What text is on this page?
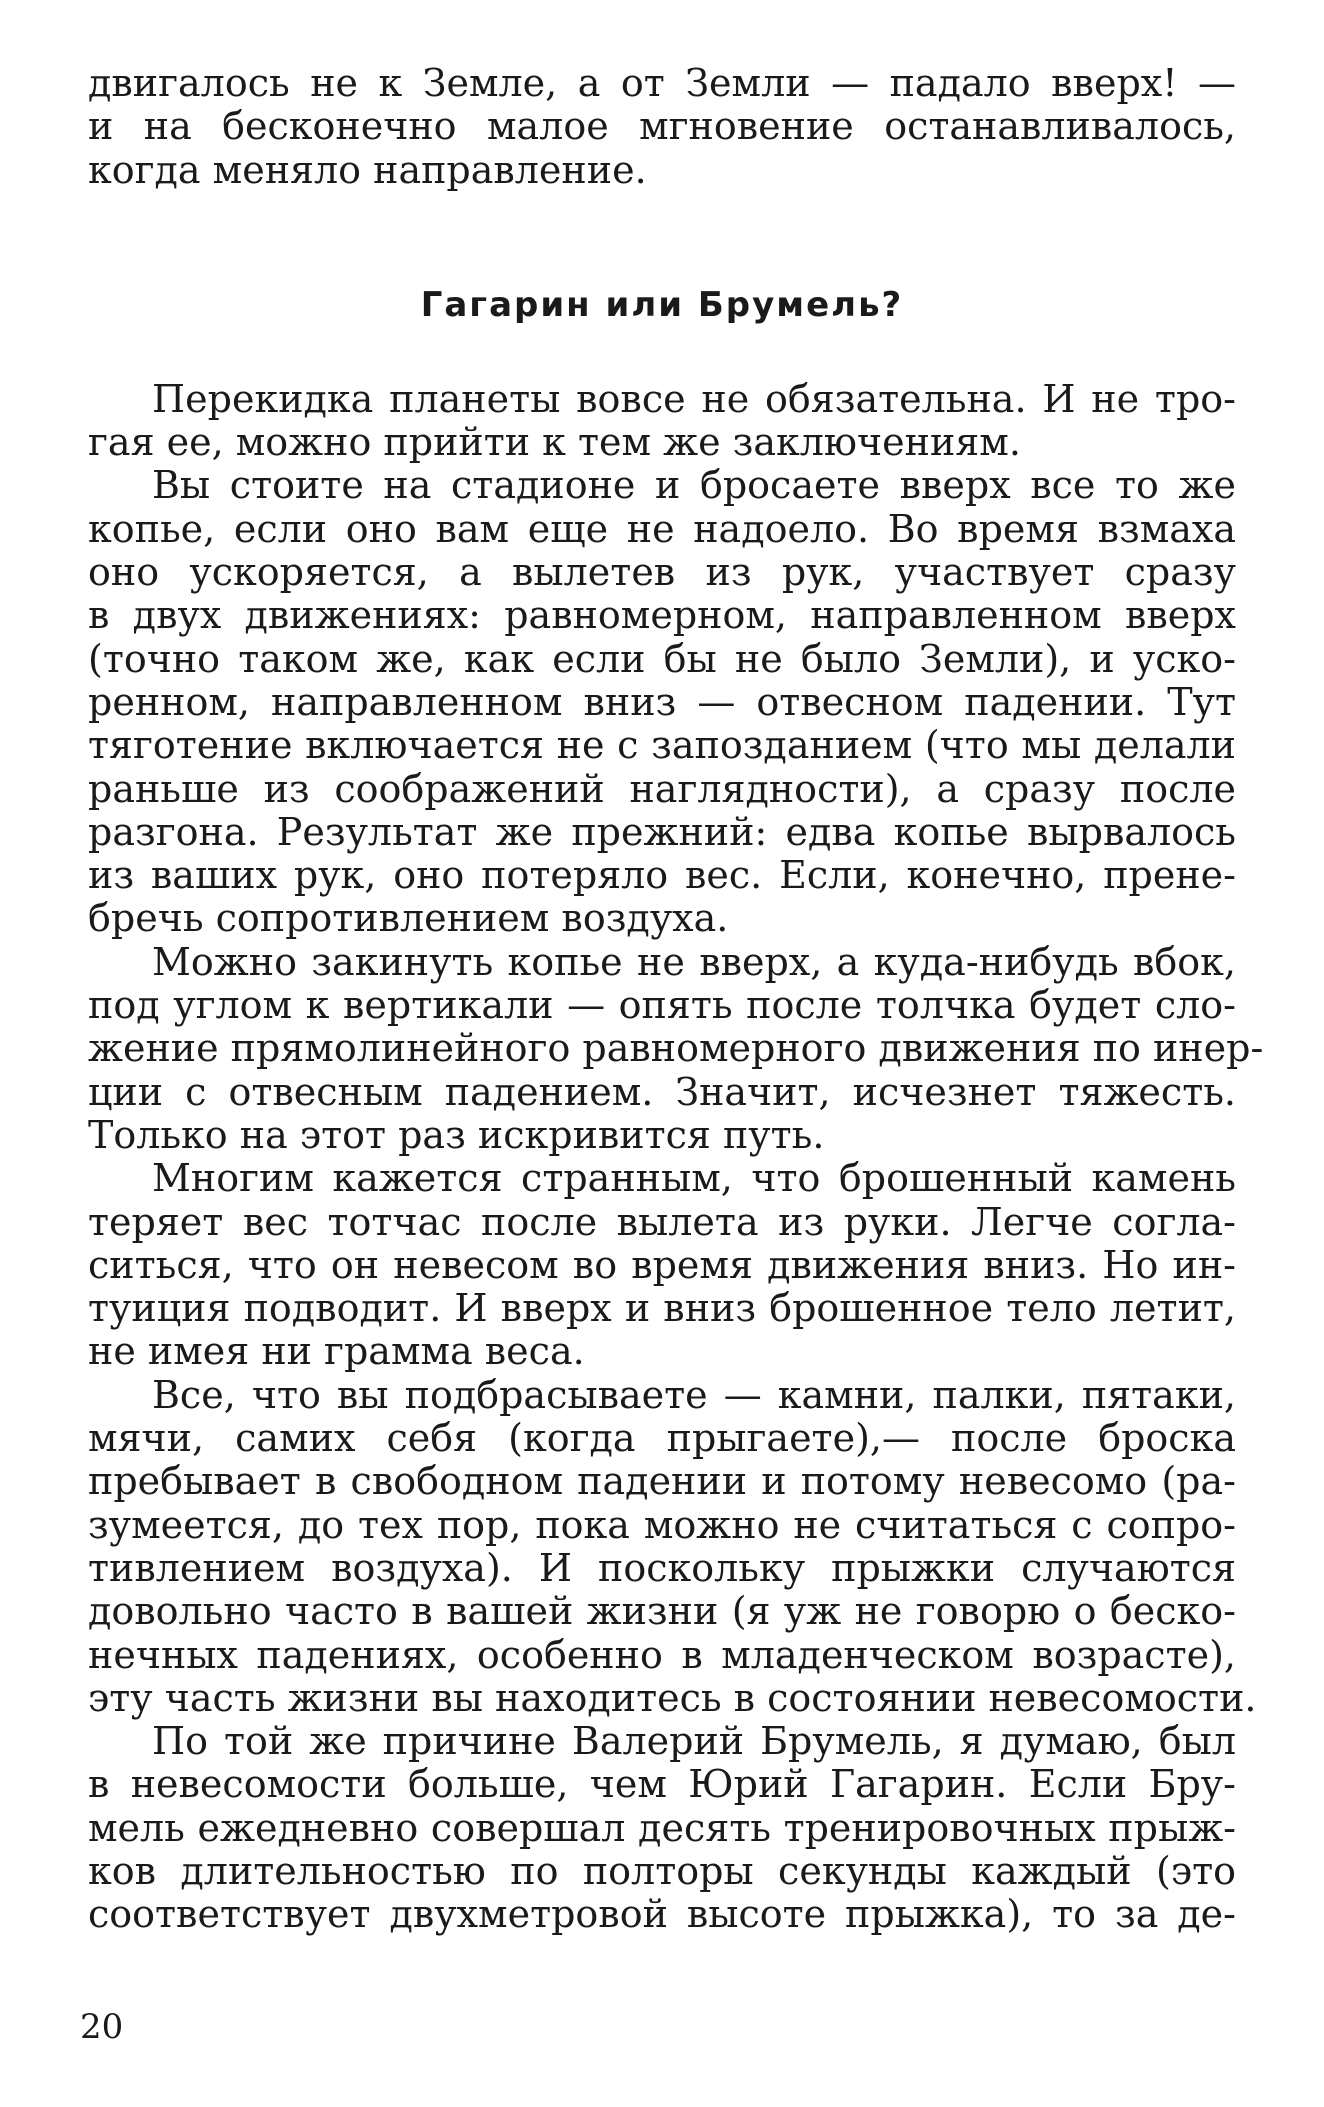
двигалось не к Земле, а от Земли — падало вверх! —
и на бесконечно малое мгновение останавливалось,
когда меняло направление.
Гагарин или Брумель?
Перекидка планеты вовсе не обязательна. И не тро-
гая ее, можно прийти к тем же заключениям.
Вы стоите на стадионе и бросаете вверх все то же
копье, если оно вам еще не надоело. Во время взмаха
оно ускоряется, а вылетев из рук, участвует сразу
в двух движениях: равномерном, направленном вверх
(точно таком же, как если бы не было Земли), и уско-
ренном, направленном вниз — отвесном падении. Тут
тяготение включается не с запозданием (что мы делали
раньше из соображений наглядности), а сразу после
разгона. Результат же прежний: едва копье вырвалось
из ваших рук, оно потеряло вес. Если, конечно, прене-
бречь сопротивлением воздуха.
Можно закинуть копье не вверх, а куда-нибудь вбок,
под углом к вертикали — опять после толчка будет сло-
жение прямолинейного равномерного движения по инер-
ции с отвесным падением. Значит, исчезнет тяжесть.
Только на этот раз искривится путь.
Многим кажется странным, что брошенный камень
теряет вес тотчас после вылета из руки. Легче согла-
ситься, что он невесом во время движения вниз. Но ин-
туиция подводит. И вверх и вниз брошенное тело летит,
не имея ни грамма веса.
Все, что вы подбрасываете — камни, палки, пятаки,
мячи, самих себя (когда прыгаете),— после броска
пребывает в свободном падении и потому невесомо (ра-
зумеется, до тех пор, пока можно не считаться с сопро-
тивлением воздуха). И поскольку прыжки случаются
довольно часто в вашей жизни (я уж не говорю о беско-
нечных падениях, особенно в младенческом возрасте),
эту часть жизни вы находитесь в состоянии невесомости.
По той же причине Валерий Брумель, я думаю, был
в невесомости больше, чем Юрий Гагарин. Если Бру-
мель ежедневно совершал десять тренировочных прыж-
ков длительностью по полторы секунды каждый (это
соответствует двухметровой высоте прыжка), то за де-
20
